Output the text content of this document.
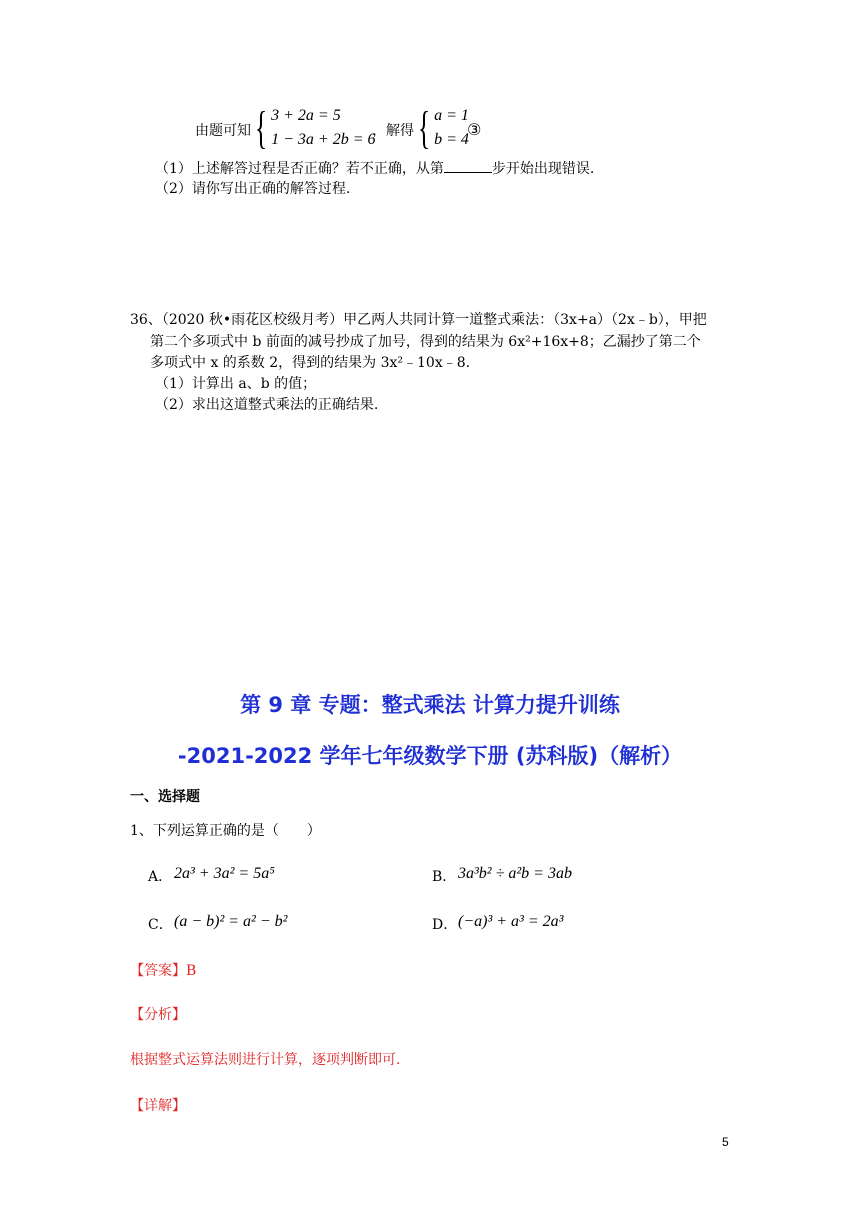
由题可知 { 3 + 2a = 5
1 − 3a + 2b = 6
，解得 { a = 1
b = 4
③
（1）上述解答过程是否正确？若不正确，从第	步开始出现错误.
（2）请你写出正确的解答过程.
36、（2020 秋•雨花区校级月考）甲乙两人共同计算一道整式乘法：（3x+a）（2x﹣b），甲把
第二个多项式中 b 前面的减号抄成了加号，得到的结果为 6x²+16x+8；乙漏抄了第二个
多项式中 x 的系数 2，得到的结果为 3x²﹣10x﹣8.
（1）计算出 a、b 的值；
（2）求出这道整式乘法的正确结果.
第 9 章 专题：整式乘法 计算力提升训练
-2021-2022 学年七年级数学下册 (苏科版)（解析）
一、选择题
1、下列运算正确的是（　　）
A． 2a³ + 3a² = 5a⁵	B． 3a³b² ÷ a²b = 3ab
C． (a − b)² = a² − b²	D． (−a)³ + a³ = 2a³
【答案】B
【分析】
根据整式运算法则进行计算，逐项判断即可.
【详解】
5
